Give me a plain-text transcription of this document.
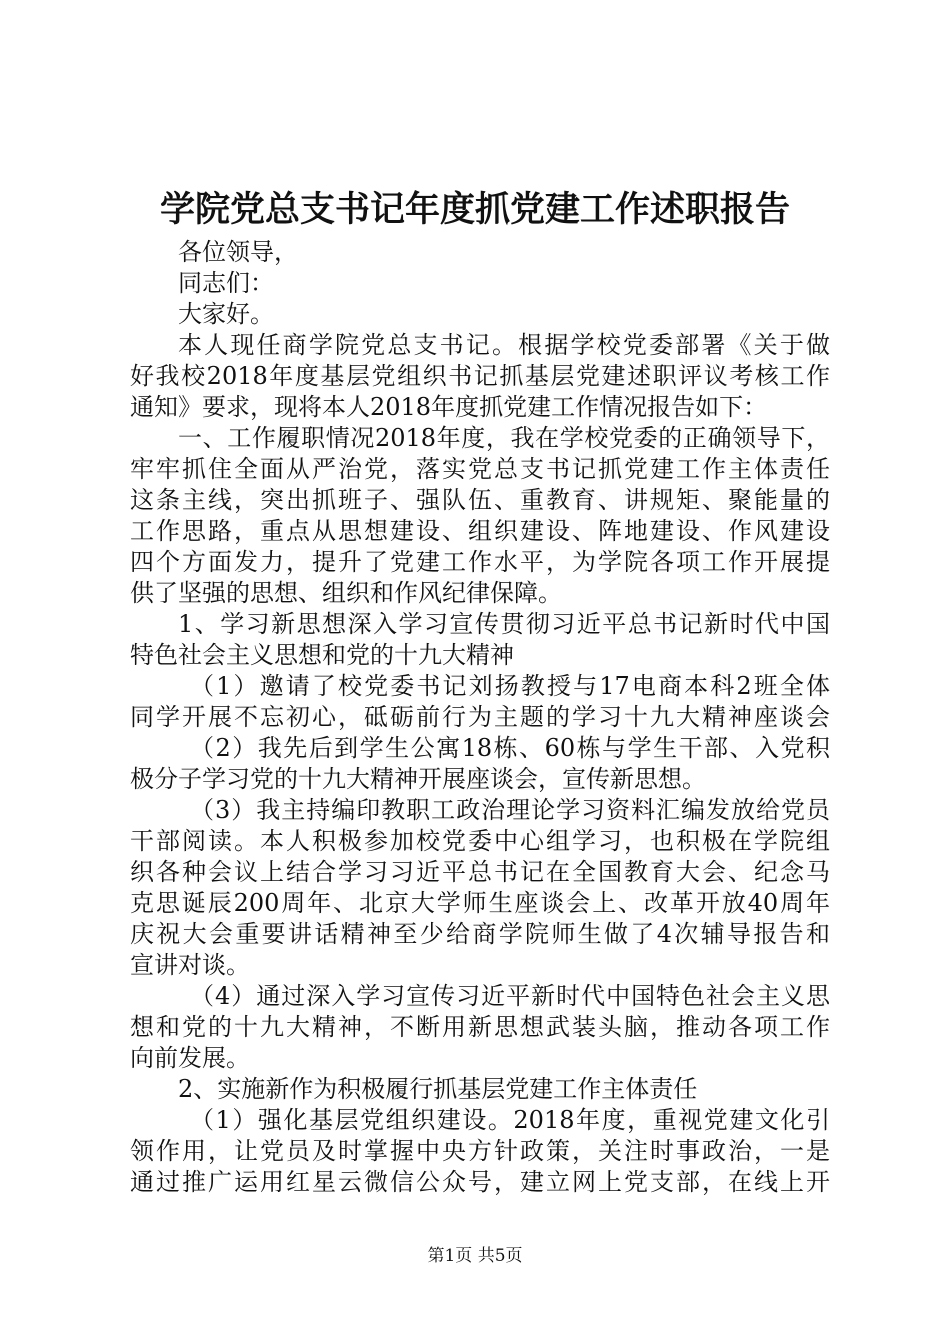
学院党总支书记年度抓党建工作述职报告
各位领导，
同志们：
大家好。
本人现任商学院党总支书记。根据学校党委部署《关于做
好我校2018年度基层党组织书记抓基层党建述职评议考核工作
通知》要求，现将本人2018年度抓党建工作情况报告如下：
一、工作履职情况2018年度，我在学校党委的正确领导下，
牢牢抓住全面从严治党，落实党总支书记抓党建工作主体责任
这条主线，突出抓班子、强队伍、重教育、讲规矩、聚能量的
工作思路，重点从思想建设、组织建设、阵地建设、作风建设
四个方面发力，提升了党建工作水平，为学院各项工作开展提
供了坚强的思想、组织和作风纪律保障。
1、学习新思想深入学习宣传贯彻习近平总书记新时代中国
特色社会主义思想和党的十九大精神
（1）邀请了校党委书记刘扬教授与17电商本科2班全体
同学开展不忘初心，砥砺前行为主题的学习十九大精神座谈会
（2）我先后到学生公寓18栋、60栋与学生干部、入党积
极分子学习党的十九大精神开展座谈会，宣传新思想。
（3）我主持编印教职工政治理论学习资料汇编发放给党员
干部阅读。本人积极参加校党委中心组学习，也积极在学院组
织各种会议上结合学习习近平总书记在全国教育大会、纪念马
克思诞辰200周年、北京大学师生座谈会上、改革开放40周年
庆祝大会重要讲话精神至少给商学院师生做了4次辅导报告和
宣讲对谈。
（4）通过深入学习宣传习近平新时代中国特色社会主义思
想和党的十九大精神，不断用新思想武装头脑，推动各项工作
向前发展。
2、实施新作为积极履行抓基层党建工作主体责任
（1）强化基层党组织建设。2018年度，重视党建文化引
领作用，让党员及时掌握中央方针政策，关注时事政治，一是
通过推广运用红星云微信公众号，建立网上党支部，在线上开
第1页 共5页
